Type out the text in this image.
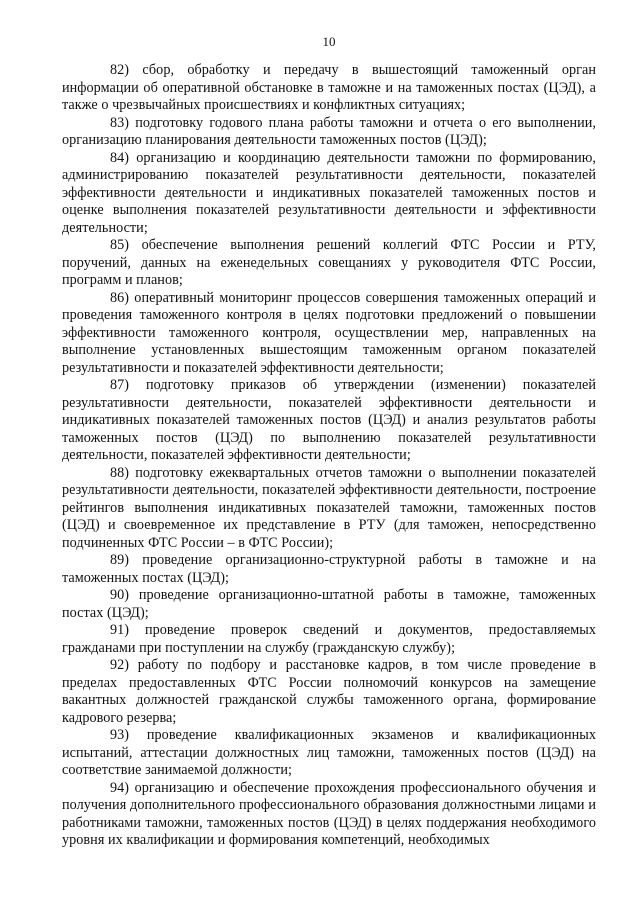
10

82) сбор, обработку и передачу в вышестоящий таможенный орган информации об оперативной обстановке в таможне и на таможенных постах (ЦЭД), а также о чрезвычайных происшествиях и конфликтных ситуациях;

83) подготовку годового плана работы таможни и отчета о его выполнении, организацию планирования деятельности таможенных постов (ЦЭД);

84) организацию и координацию деятельности таможни по формированию, администрированию показателей результативности деятельности, показателей эффективности деятельности и индикативных показателей таможенных постов и оценке выполнения показателей результативности деятельности и эффективности деятельности;

85) обеспечение выполнения решений коллегий ФТС России и РТУ, поручений, данных на еженедельных совещаниях у руководителя ФТС России, программ и планов;

86) оперативный мониторинг процессов совершения таможенных операций и проведения таможенного контроля в целях подготовки предложений о повышении эффективности таможенного контроля, осуществлении мер, направленных на выполнение установленных вышестоящим таможенным органом показателей результативности и показателей эффективности деятельности;

87) подготовку приказов об утверждении (изменении) показателей результативности деятельности, показателей эффективности деятельности и индикативных показателей таможенных постов (ЦЭД) и анализ результатов работы таможенных постов (ЦЭД) по выполнению показателей результативности деятельности, показателей эффективности деятельности;

88) подготовку ежеквартальных отчетов таможни о выполнении показателей результативности деятельности, показателей эффективности деятельности, построение рейтингов выполнения индикативных показателей таможни, таможенных постов (ЦЭД) и своевременное их представление в РТУ (для таможен, непосредственно подчиненных ФТС России – в ФТС России);

89) проведение организационно-структурной работы в таможне и на таможенных постах (ЦЭД);

90) проведение организационно-штатной работы в таможне, таможенных постах (ЦЭД);

91) проведение проверок сведений и документов, предоставляемых гражданами при поступлении на службу (гражданскую службу);

92) работу по подбору и расстановке кадров, в том числе проведение в пределах предоставленных ФТС России полномочий конкурсов на замещение вакантных должностей гражданской службы таможенного органа, формирование кадрового резерва;

93) проведение квалификационных экзаменов и квалификационных испытаний, аттестации должностных лиц таможни, таможенных постов (ЦЭД) на соответствие занимаемой должности;

94) организацию и обеспечение прохождения профессионального обучения и получения дополнительного профессионального образования должностными лицами и работниками таможни, таможенных постов (ЦЭД) в целях поддержания необходимого уровня их квалификации и формирования компетенций, необходимых
